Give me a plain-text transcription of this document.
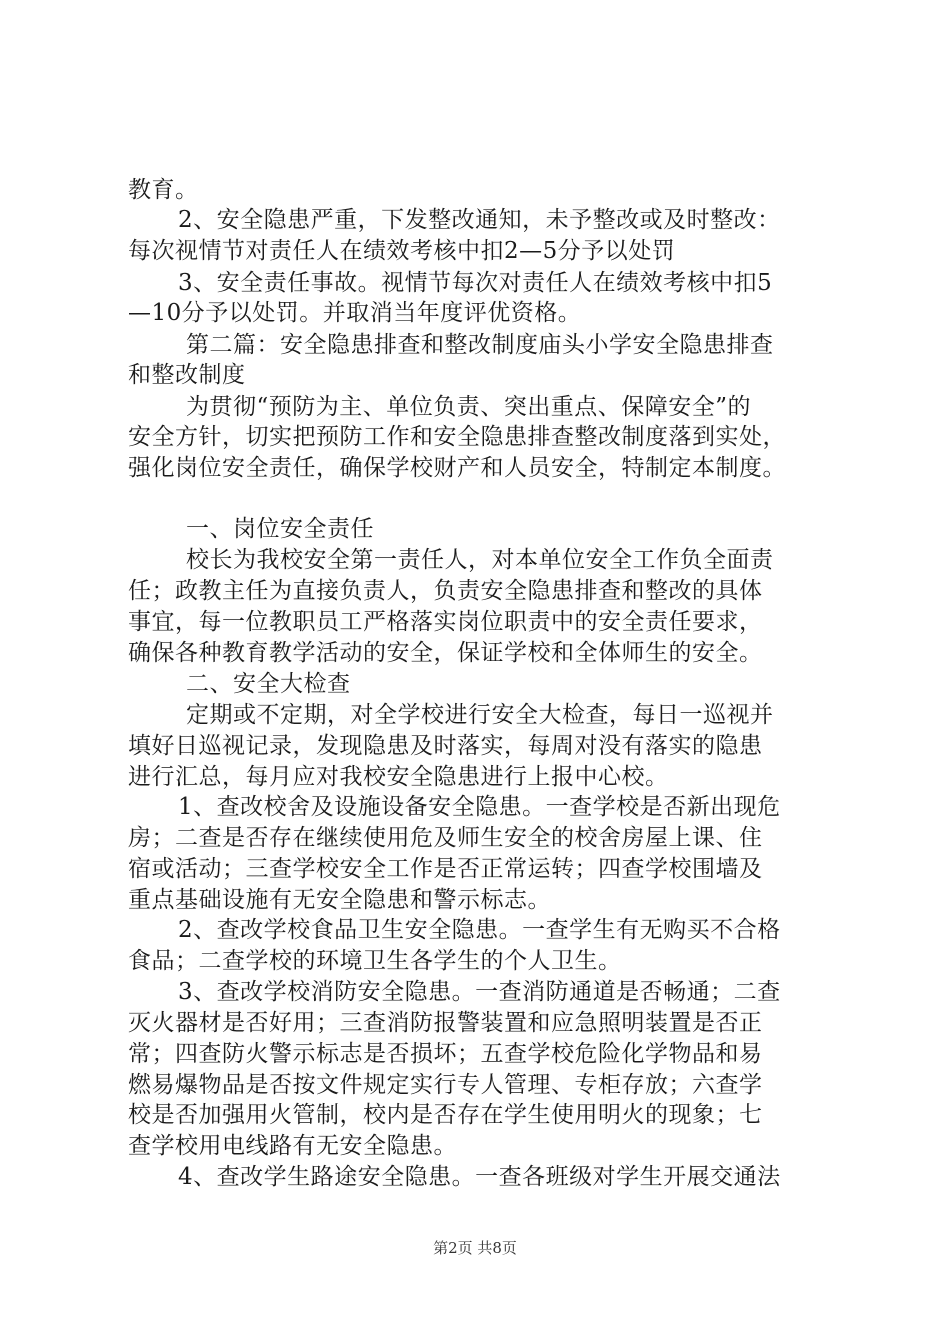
教育。

2、安全隐患严重，下发整改通知，未予整改或及时整改：

每次视情节对责任人在绩效考核中扣2—5分予以处罚

3、安全责任事故。视情节每次对责任人在绩效考核中扣5

—10分予以处罚。并取消当年度评优资格。

第二篇：安全隐患排查和整改制度庙头小学安全隐患排查

和整改制度

为贯彻“预防为主、单位负责、突出重点、保障安全”的

安全方针，切实把预防工作和安全隐患排查整改制度落到实处，

强化岗位安全责任，确保学校财产和人员安全，特制定本制度。

一、岗位安全责任

校长为我校安全第一责任人，对本单位安全工作负全面责

任；政教主任为直接负责人，负责安全隐患排查和整改的具体

事宜，每一位教职员工严格落实岗位职责中的安全责任要求，

确保各种教育教学活动的安全，保证学校和全体师生的安全。

二、安全大检查

定期或不定期，对全学校进行安全大检查，每日一巡视并

填好日巡视记录，发现隐患及时落实，每周对没有落实的隐患

进行汇总，每月应对我校安全隐患进行上报中心校。

1、查改校舍及设施设备安全隐患。一查学校是否新出现危

房；二查是否存在继续使用危及师生安全的校舍房屋上课、住

宿或活动；三查学校安全工作是否正常运转；四查学校围墙及

重点基础设施有无安全隐患和警示标志。

2、查改学校食品卫生安全隐患。一查学生有无购买不合格

食品；二查学校的环境卫生各学生的个人卫生。

3、查改学校消防安全隐患。一查消防通道是否畅通；二查

灭火器材是否好用；三查消防报警装置和应急照明装置是否正

常；四查防火警示标志是否损坏；五查学校危险化学物品和易

燃易爆物品是否按文件规定实行专人管理、专柜存放；六查学

校是否加强用火管制，校内是否存在学生使用明火的现象；七

查学校用电线路有无安全隐患。

4、查改学生路途安全隐患。一查各班级对学生开展交通法

第2页 共8页
